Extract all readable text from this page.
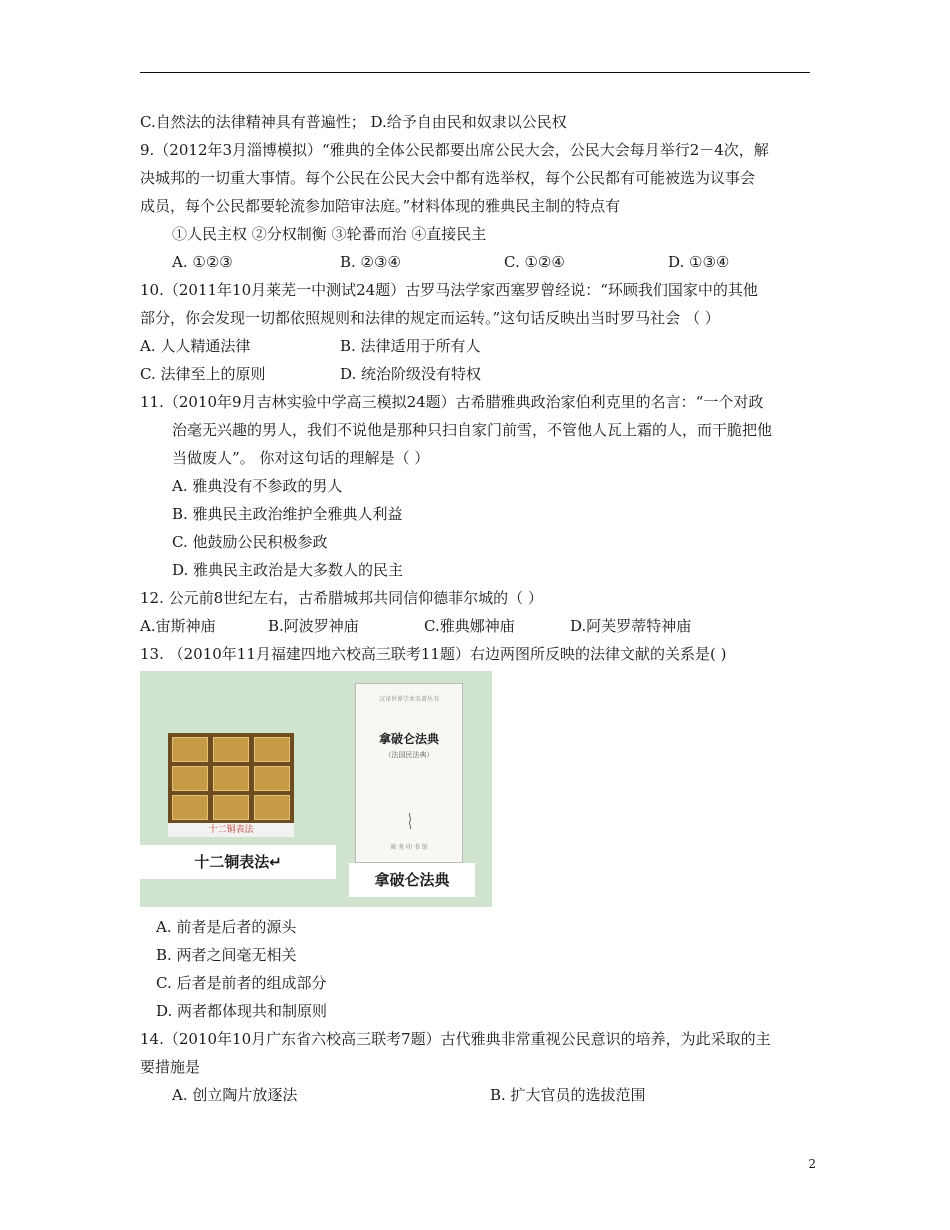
C.自然法的法律精神具有普遍性； D.给予自由民和奴隶以公民权
9.（2012年3月淄博模拟）“雅典的全体公民都要出席公民大会，公民大会每月举行2－4次，解
决城邦的一切重大事情。每个公民在公民大会中都有选举权，每个公民都有可能被选为议事会
成员，每个公民都要轮流参加陪审法庭。”材料体现的雅典民主制的特点有
①人民主权 ②分权制衡 ③轮番而治 ④直接民主
A. ①②③	B. ②③④	C. ①②④	D. ①③④
10.（2011年10月莱芜一中测试24题）古罗马法学家西塞罗曾经说：“环顾我们国家中的其他
部分，你会发现一切都依照规则和法律的规定而运转。”这句话反映出当时罗马社会 （ ）
A. 人人精通法律	B. 法律适用于所有人
C. 法律至上的原则	D. 统治阶级没有特权
11.（2010年9月吉林实验中学高三模拟24题）古希腊雅典政治家伯利克里的名言：“一个对政
治毫无兴趣的男人，我们不说他是那种只扫自家门前雪，不管他人瓦上霜的人，而干脆把他
当做废人”。 你对这句话的理解是（ ）
A. 雅典没有不参政的男人
B. 雅典民主政治维护全雅典人利益
C. 他鼓励公民积极参政
D. 雅典民主政治是大多数人的民主
12. 公元前8世纪左右，古希腊城邦共同信仰德菲尔城的（ ）
A.宙斯神庙	B.阿波罗神庙	C.雅典娜神庙	D.阿芙罗蒂特神庙
13. （2010年11月福建四地六校高三联考11题）右边两图所反映的法律文献的关系是( )
十二铜表法
十二铜表法↵
汉译世界学术名著丛书
拿破仑法典
（法国民法典）
商 务 印 书 馆
拿破仑法典
A. 前者是后者的源头
B. 两者之间毫无相关
C. 后者是前者的组成部分
D. 两者都体现共和制原则
14.（2010年10月广东省六校高三联考7题）古代雅典非常重视公民意识的培养，为此采取的主
要措施是
A. 创立陶片放逐法	B. 扩大官员的选拔范围
2
